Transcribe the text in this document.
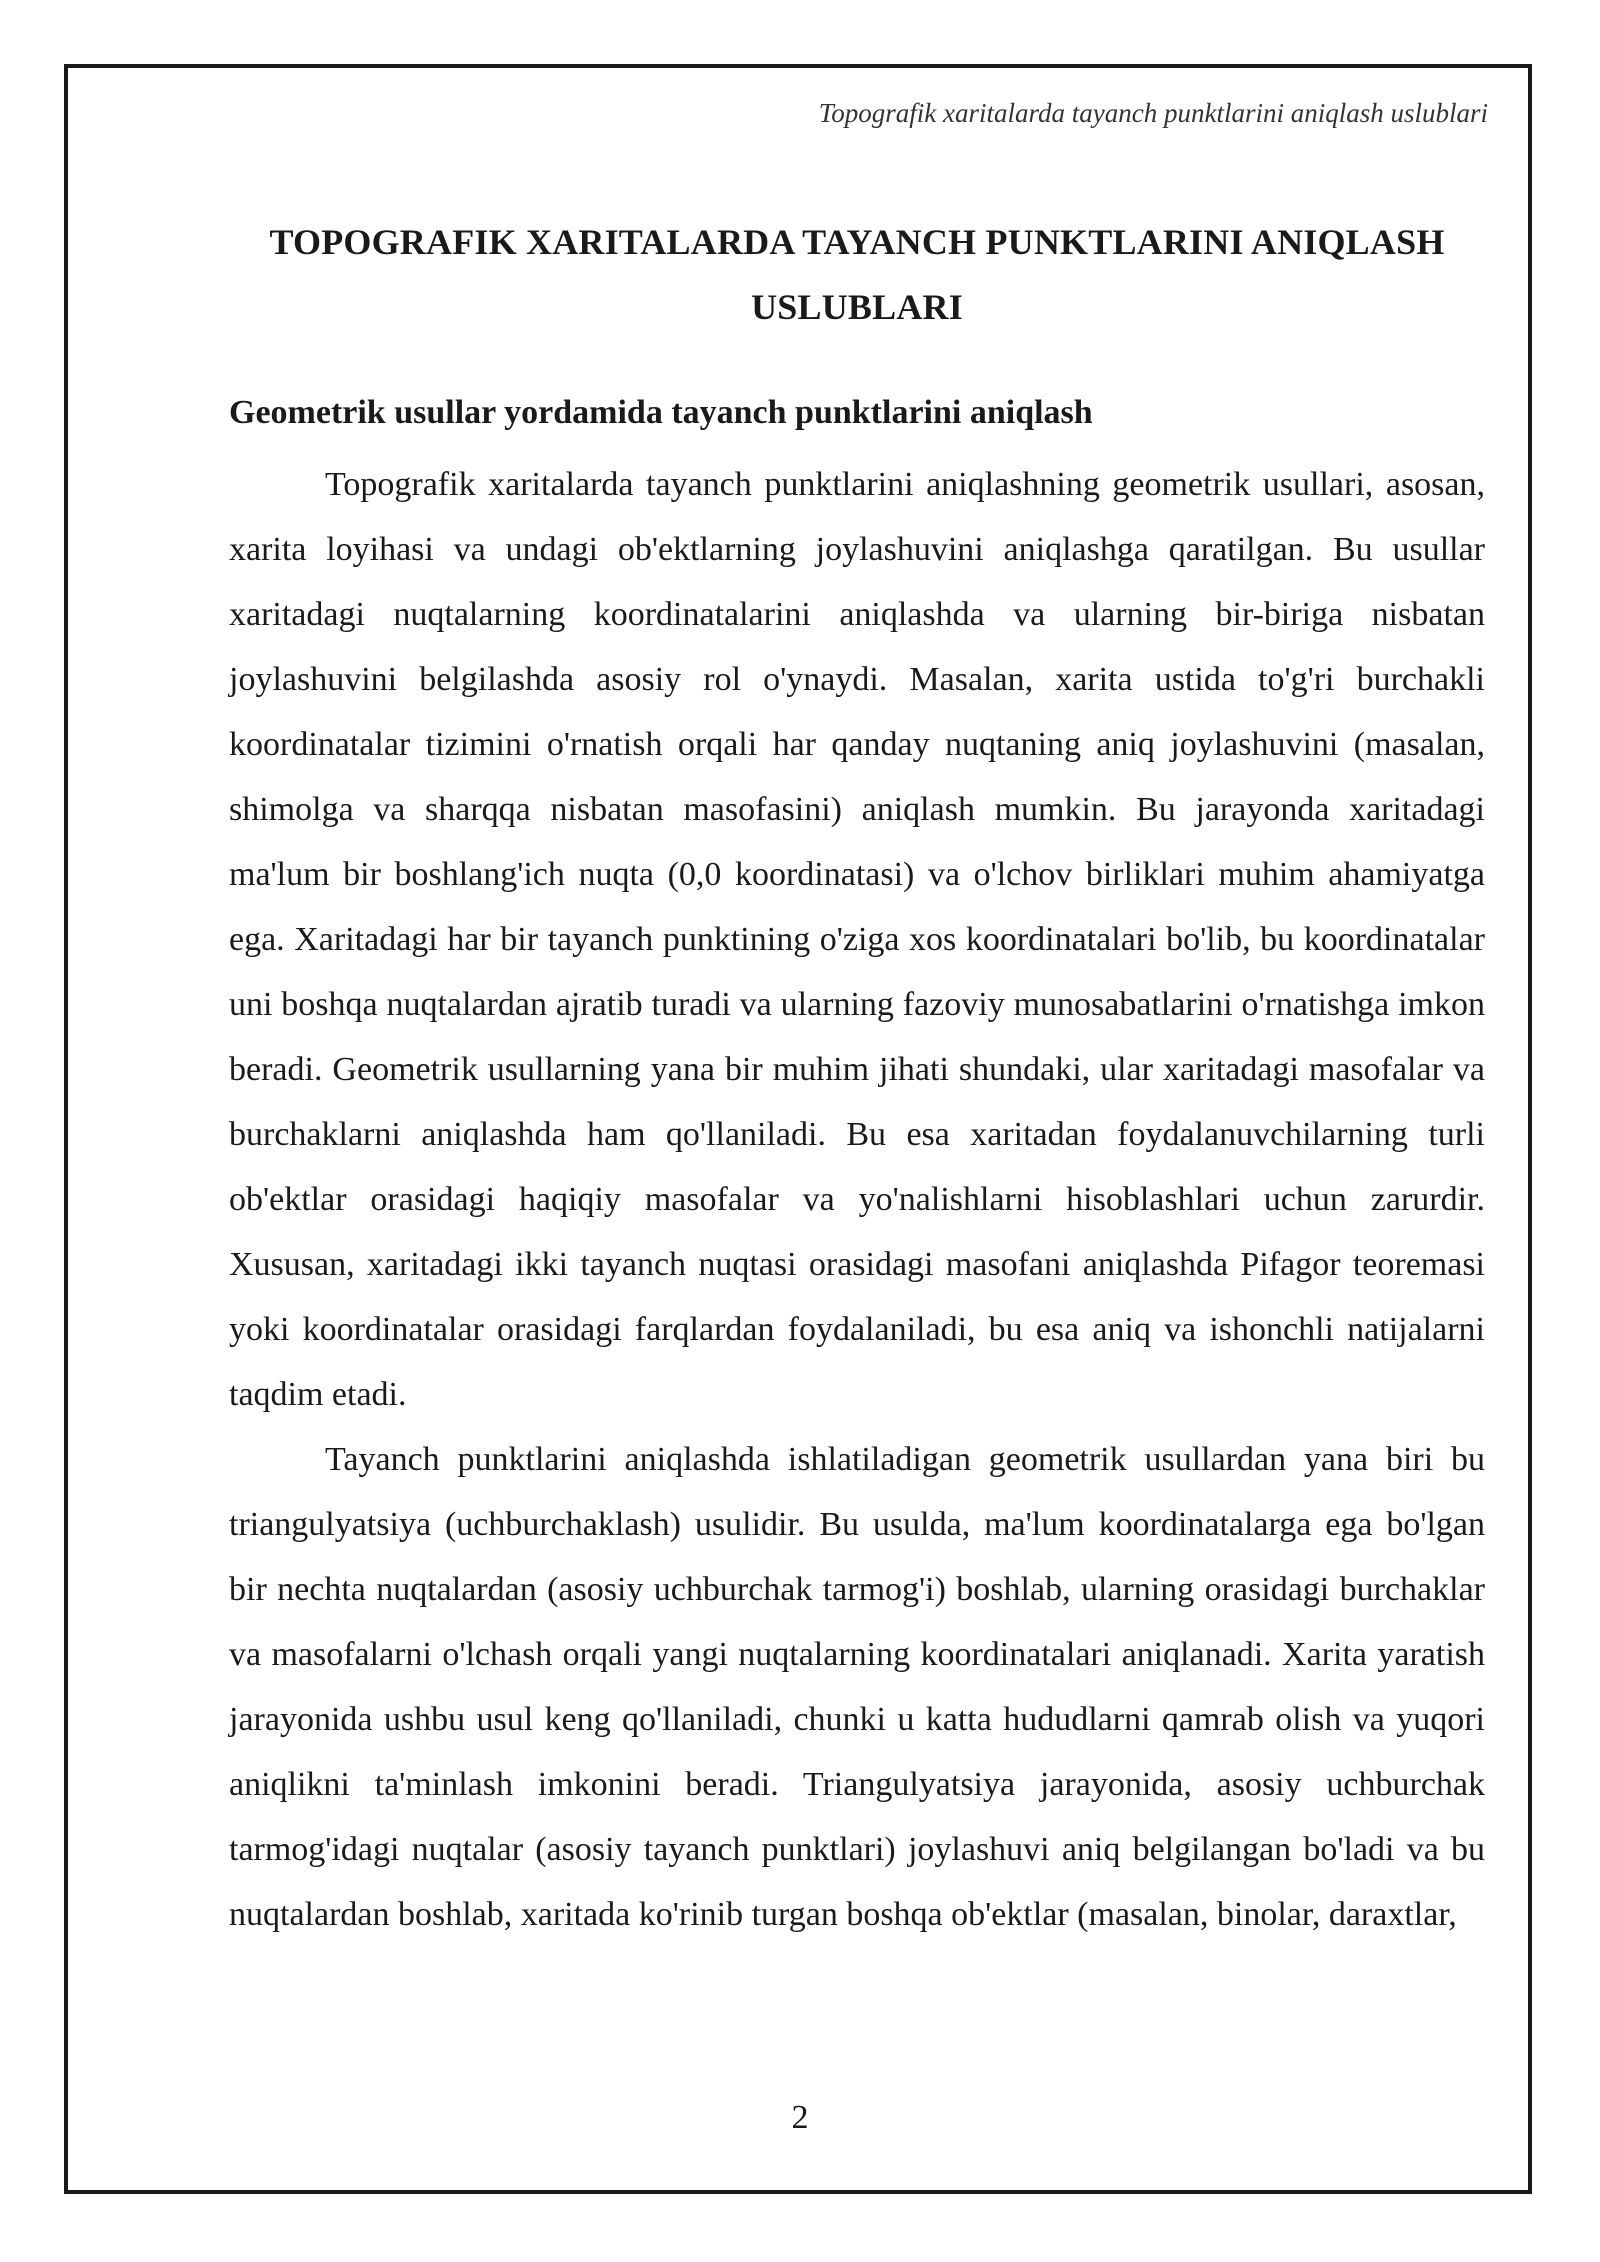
Topografik xaritalarda tayanch punktlarini aniqlash uslublari
TOPOGRAFIK XARITALARDA TAYANCH PUNKTLARINI ANIQLASH USLUBLARI
Geometrik usullar yordamida tayanch punktlarini aniqlash

Topografik xaritalarda tayanch punktlarini aniqlashning geometrik usullari, asosan, xarita loyihasi va undagi ob'ektlarning joylashuvini aniqlashga qaratilgan. Bu usullar xaritadagi nuqtalarning koordinatalarini aniqlashda va ularning bir-biriga nisbatan joylashuvini belgilashda asosiy rol o'ynaydi. Masalan, xarita ustida to'g'ri burchakli koordinatalar tizimini o'rnatish orqali har qanday nuqtaning aniq joylashuvini (masalan, shimolga va sharqqa nisbatan masofasini) aniqlash mumkin. Bu jarayonda xaritadagi ma'lum bir boshlang'ich nuqta (0,0 koordinatasi) va o'lchov birliklari muhim ahamiyatga ega. Xaritadagi har bir tayanch punktining o'ziga xos koordinatalari bo'lib, bu koordinatalar uni boshqa nuqtalardan ajratib turadi va ularning fazoviy munosabatlarini o'rnatishga imkon beradi. Geometrik usullarning yana bir muhim jihati shundaki, ular xaritadagi masofalar va burchaklarni aniqlashda ham qo'llaniladi. Bu esa xaritadan foydalanuvchilarning turli ob'ektlar orasidagi haqiqiy masofalar va yo'nalishlarni hisoblashlari uchun zarurdir. Xususan, xaritadagi ikki tayanch nuqtasi orasidagi masofani aniqlashda Pifagor teoremasi yoki koordinatalar orasidagi farqlardan foydalaniladi, bu esa aniq va ishonchli natijalarni taqdim etadi.

Tayanch punktlarini aniqlashda ishlatiladigan geometrik usullardan yana biri bu triangulyatsiya (uchburchaklash) usulidir. Bu usulda, ma'lum koordinatalarga ega bo'lgan bir nechta nuqtalardan (asosiy uchburchak tarmog'i) boshlab, ularning orasidagi burchaklar va masofalarni o'lchash orqali yangi nuqtalarning koordinatalari aniqlanadi. Xarita yaratish jarayonida ushbu usul keng qo'llaniladi, chunki u katta hududlarni qamrab olish va yuqori aniqlikni ta'minlash imkonini beradi. Triangulyatsiya jarayonida, asosiy uchburchak tarmog'idagi nuqtalar (asosiy tayanch punktlari) joylashuvi aniq belgilangan bo'ladi va bu nuqtalardan boshlab, xaritada ko'rinib turgan boshqa ob'ektlar (masalan, binolar, daraxtlar,

2
